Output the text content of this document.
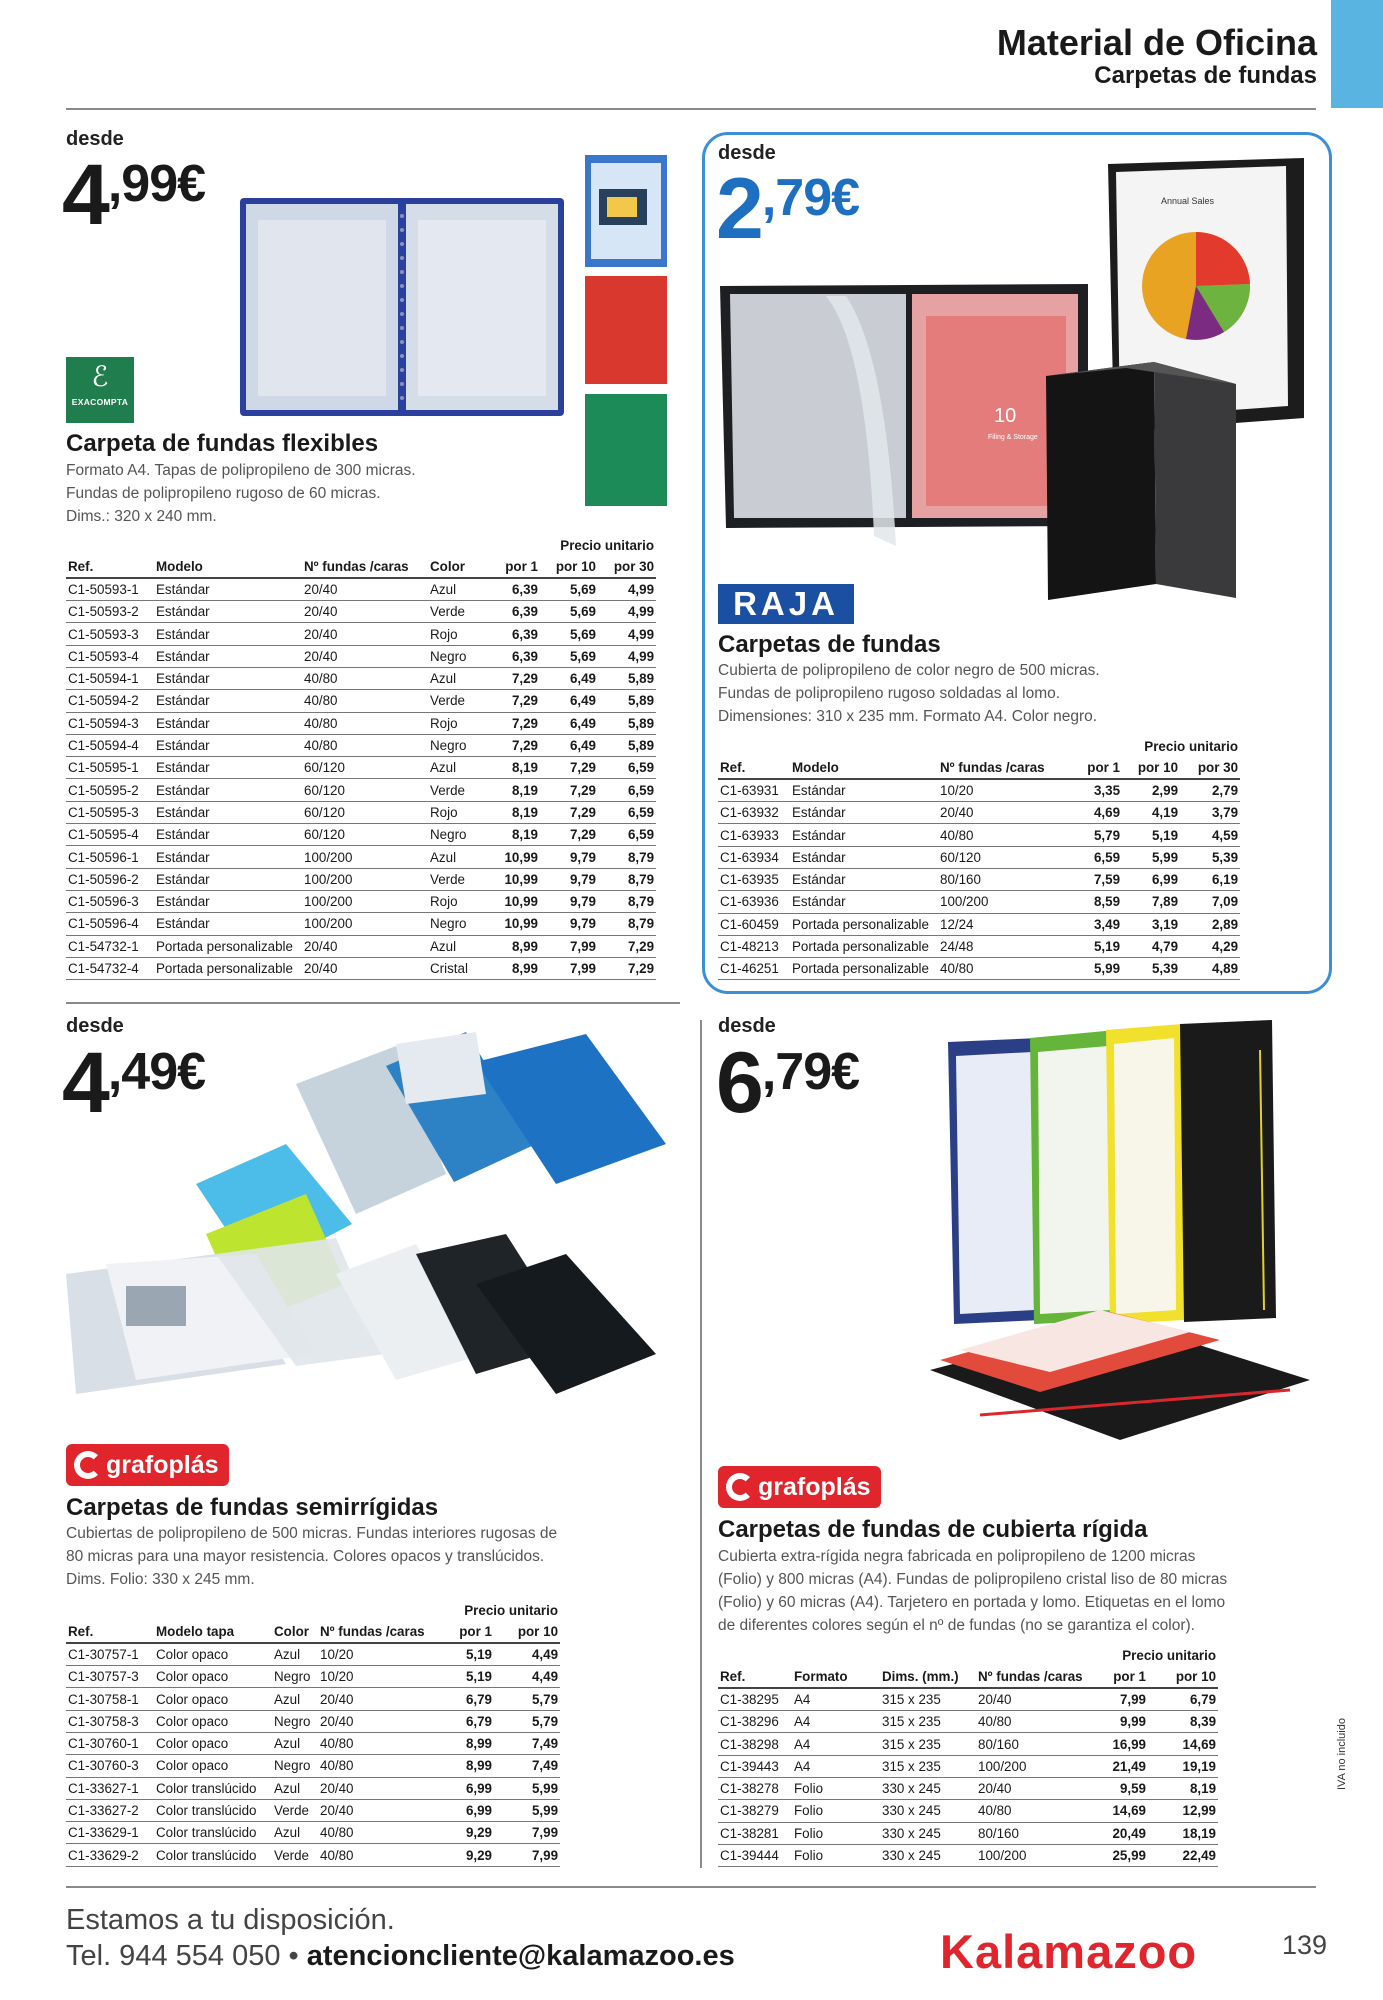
Material de Oficina
Carpetas de fundas
desde
4,99€
ℰ
EXACOMPTA
Carpeta de fundas flexibles
Formato A4. Tapas de polipropileno de 300 micras.
Fundas de polipropileno rugoso de 60 micras.
Dims.: 320 x 240 mm.
				Precio unitario		
Ref.	Modelo	Nº fundas /caras	Color	por 1	por 10	por 30
C1-50593-1	Estándar	20/40	Azul	6,39	5,69	4,99
C1-50593-2	Estándar	20/40	Verde	6,39	5,69	4,99
C1-50593-3	Estándar	20/40	Rojo	6,39	5,69	4,99
C1-50593-4	Estándar	20/40	Negro	6,39	5,69	4,99
C1-50594-1	Estándar	40/80	Azul	7,29	6,49	5,89
C1-50594-2	Estándar	40/80	Verde	7,29	6,49	5,89
C1-50594-3	Estándar	40/80	Rojo	7,29	6,49	5,89
C1-50594-4	Estándar	40/80	Negro	7,29	6,49	5,89
C1-50595-1	Estándar	60/120	Azul	8,19	7,29	6,59
C1-50595-2	Estándar	60/120	Verde	8,19	7,29	6,59
C1-50595-3	Estándar	60/120	Rojo	8,19	7,29	6,59
C1-50595-4	Estándar	60/120	Negro	8,19	7,29	6,59
C1-50596-1	Estándar	100/200	Azul	10,99	9,79	8,79
C1-50596-2	Estándar	100/200	Verde	10,99	9,79	8,79
C1-50596-3	Estándar	100/200	Rojo	10,99	9,79	8,79
C1-50596-4	Estándar	100/200	Negro	10,99	9,79	8,79
C1-54732-1	Portada personalizable	20/40	Azul	8,99	7,99	7,29
C1-54732-4	Portada personalizable	20/40	Cristal	8,99	7,99	7,29
desde
2,79€	Annual Sales
10
Filing & Storage
RAJA
Carpetas de fundas
Cubierta de polipropileno de color negro de 500 micras.
Fundas de polipropileno rugoso soldadas al lomo.
Dimensiones: 310 x 235 mm. Formato A4. Color negro.
			Precio unitario		
Ref.	Modelo	Nº fundas /caras	por 1	por 10	por 30
C1-63931	Estándar	10/20	3,35	2,99	2,79
C1-63932	Estándar	20/40	4,69	4,19	3,79
C1-63933	Estándar	40/80	5,79	5,19	4,59
C1-63934	Estándar	60/120	6,59	5,99	5,39
C1-63935	Estándar	80/160	7,59	6,99	6,19
C1-63936	Estándar	100/200	8,59	7,89	7,09
C1-60459	Portada personalizable	12/24	3,49	3,19	2,89
C1-48213	Portada personalizable	24/48	5,19	4,79	4,29
C1-46251	Portada personalizable	40/80	5,99	5,39	4,89
desde
4,49€
grafoplás
Carpetas de fundas semirrígidas
Cubiertas de polipropileno de 500 micras. Fundas interiores rugosas de
80 micras para una mayor resistencia. Colores opacos y translúcidos.
Dims. Folio: 330 x 245 mm.
				Precio unitario	
Ref.	Modelo tapa	Color	Nº fundas /caras	por 1	por 10
C1-30757-1	Color opaco	Azul	10/20	5,19	4,49
C1-30757-3	Color opaco	Negro	10/20	5,19	4,49
C1-30758-1	Color opaco	Azul	20/40	6,79	5,79
C1-30758-3	Color opaco	Negro	20/40	6,79	5,79
C1-30760-1	Color opaco	Azul	40/80	8,99	7,49
C1-30760-3	Color opaco	Negro	40/80	8,99	7,49
C1-33627-1	Color translúcido	Azul	20/40	6,99	5,99
C1-33627-2	Color translúcido	Verde	20/40	6,99	5,99
C1-33629-1	Color translúcido	Azul	40/80	9,29	7,99
C1-33629-2	Color translúcido	Verde	40/80	9,29	7,99
desde
6,79€
grafoplás
Carpetas de fundas de cubierta rígida
Cubierta extra-rígida negra fabricada en polipropileno de 1200 micras
(Folio) y 800 micras (A4). Fundas de polipropileno cristal liso de 80 micras
(Folio) y 60 micras (A4). Tarjetero en portada y lomo. Etiquetas en el lomo
de diferentes colores según el nº de fundas (no se garantiza el color).
				Precio unitario	
Ref.	Formato	Dims. (mm.)	Nº fundas /caras	por 1	por 10
C1-38295	A4	315 x 235	20/40	7,99	6,79
C1-38296	A4	315 x 235	40/80	9,99	8,39
C1-38298	A4	315 x 235	80/160	16,99	14,69
C1-39443	A4	315 x 235	100/200	21,49	19,19
C1-38278	Folio	330 x 245	20/40	9,59	8,19
C1-38279	Folio	330 x 245	40/80	14,69	12,99
C1-38281	Folio	330 x 245	80/160	20,49	18,19
C1-39444	Folio	330 x 245	100/200	25,99	22,49
Estamos a tu disposición.
Tel. 944 554 050 • atencioncliente@kalamazoo.es	Kalamazoo	139
IVA no incluido
